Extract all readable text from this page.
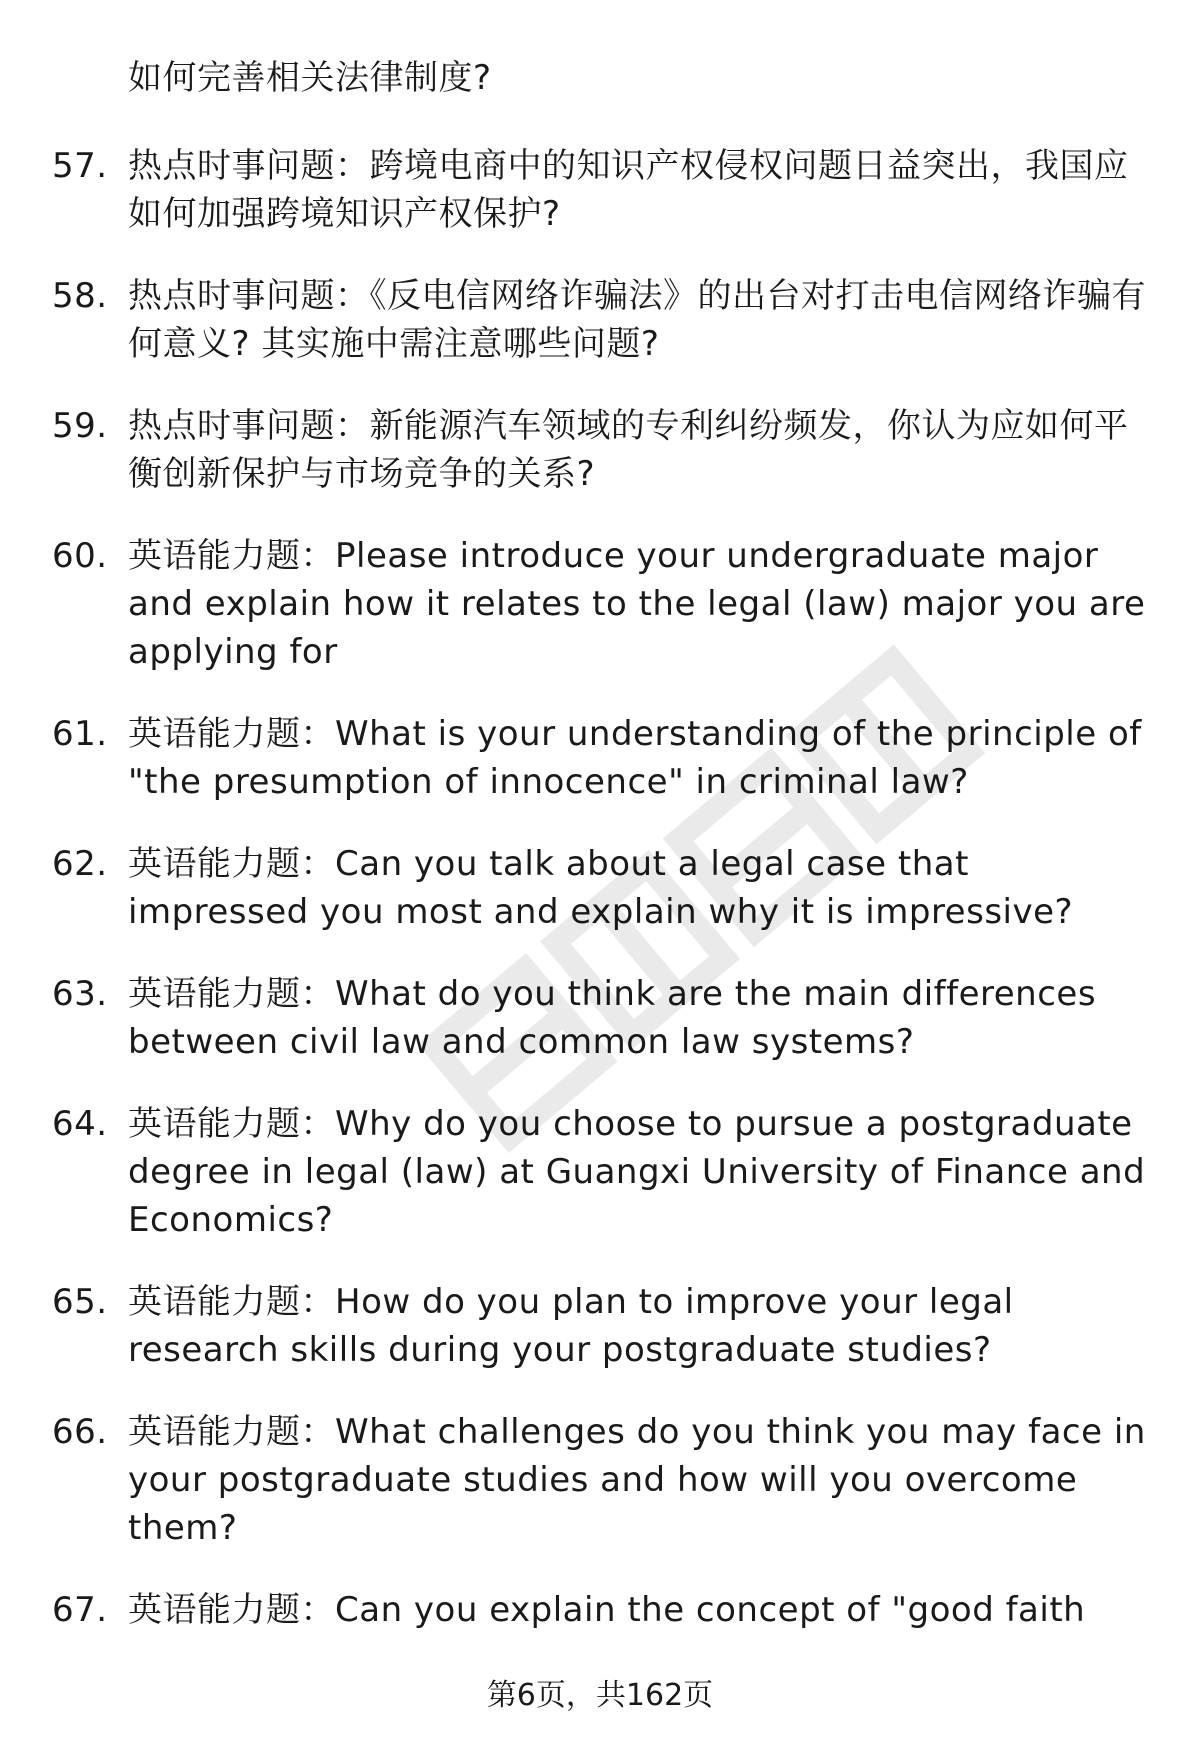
如何完善相关法律制度?
57. 热点时事问题：跨境电商中的知识产权侵权问题日益突出，我国应如何加强跨境知识产权保护?
58. 热点时事问题：《反电信网络诈骗法》的出台对打击电信网络诈骗有何意义? 其实施中需注意哪些问题?
59. 热点时事问题：新能源汽车领域的专利纠纷频发，你认为应如何平衡创新保护与市场竞争的关系?
60. 英语能力题：Please introduce your undergraduate major and explain how it relates to the legal (law) major you are applying for
61. 英语能力题：What is your understanding of the principle of "the presumption of innocence" in criminal law?
62. 英语能力题：Can you talk about a legal case that impressed you most and explain why it is impressive?
63. 英语能力题：What do you think are the main differences between civil law and common law systems?
64. 英语能力题：Why do you choose to pursue a postgraduate degree in legal (law) at Guangxi University of Finance and Economics?
65. 英语能力题：How do you plan to improve your legal research skills during your postgraduate studies?
66. 英语能力题：What challenges do you think you may face in your postgraduate studies and how will you overcome them?
67. 英语能力题：Can you explain the concept of "good faith
第6页，共162页
